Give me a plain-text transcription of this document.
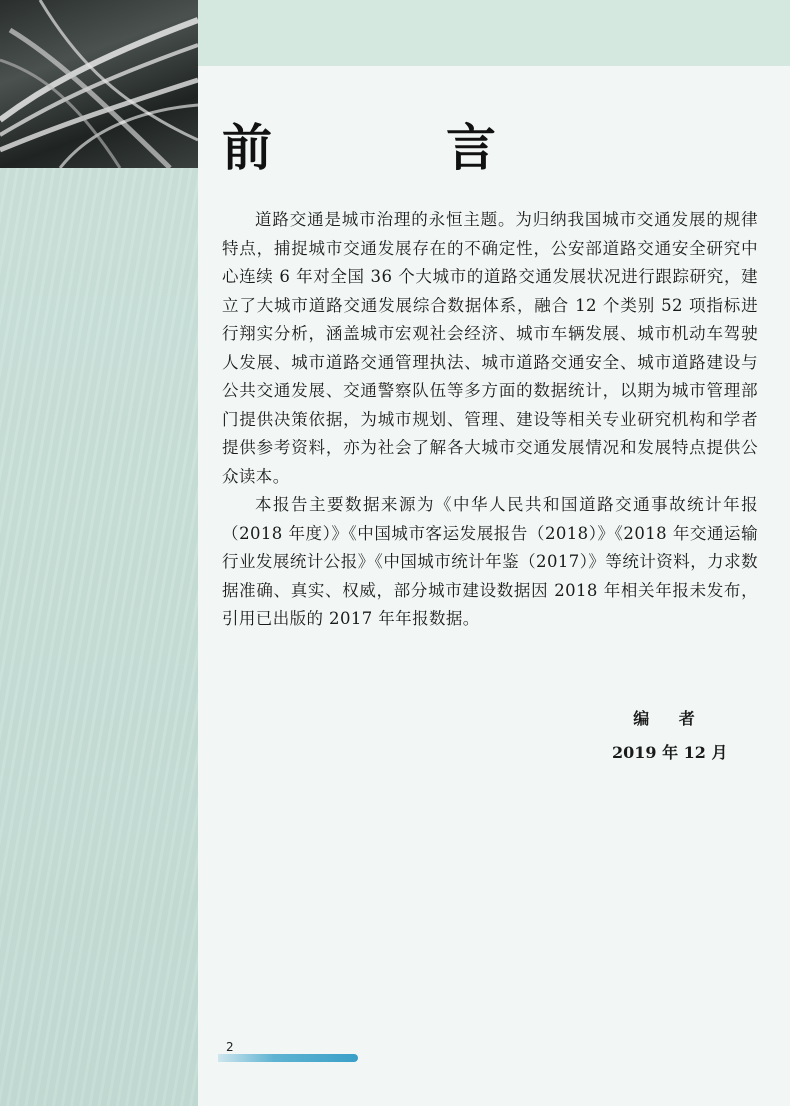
前　言

道路交通是城市治理的永恒主题。为归纳我国城市交通发展的规律特点，捕捉城市交通发展存在的不确定性，公安部道路交通安全研究中心连续 6 年对全国 36 个大城市的道路交通发展状况进行跟踪研究，建立了大城市道路交通发展综合数据体系，融合 12 个类别 52 项指标进行翔实分析，涵盖城市宏观社会经济、城市车辆发展、城市机动车驾驶人发展、城市道路交通管理执法、城市道路交通安全、城市道路建设与公共交通发展、交通警察队伍等多方面的数据统计，以期为城市管理部门提供决策依据，为城市规划、管理、建设等相关专业研究机构和学者提供参考资料，亦为社会了解各大城市交通发展情况和发展特点提供公众读本。

本报告主要数据来源为《中华人民共和国道路交通事故统计年报（2018 年度）》《中国城市客运发展报告（2018）》《2018 年交通运输行业发展统计公报》《中国城市统计年鉴（2017）》等统计资料，力求数据准确、真实、权威，部分城市建设数据因 2018 年相关年报未发布，引用已出版的 2017 年年报数据。

编 者
2019 年 12 月
2
